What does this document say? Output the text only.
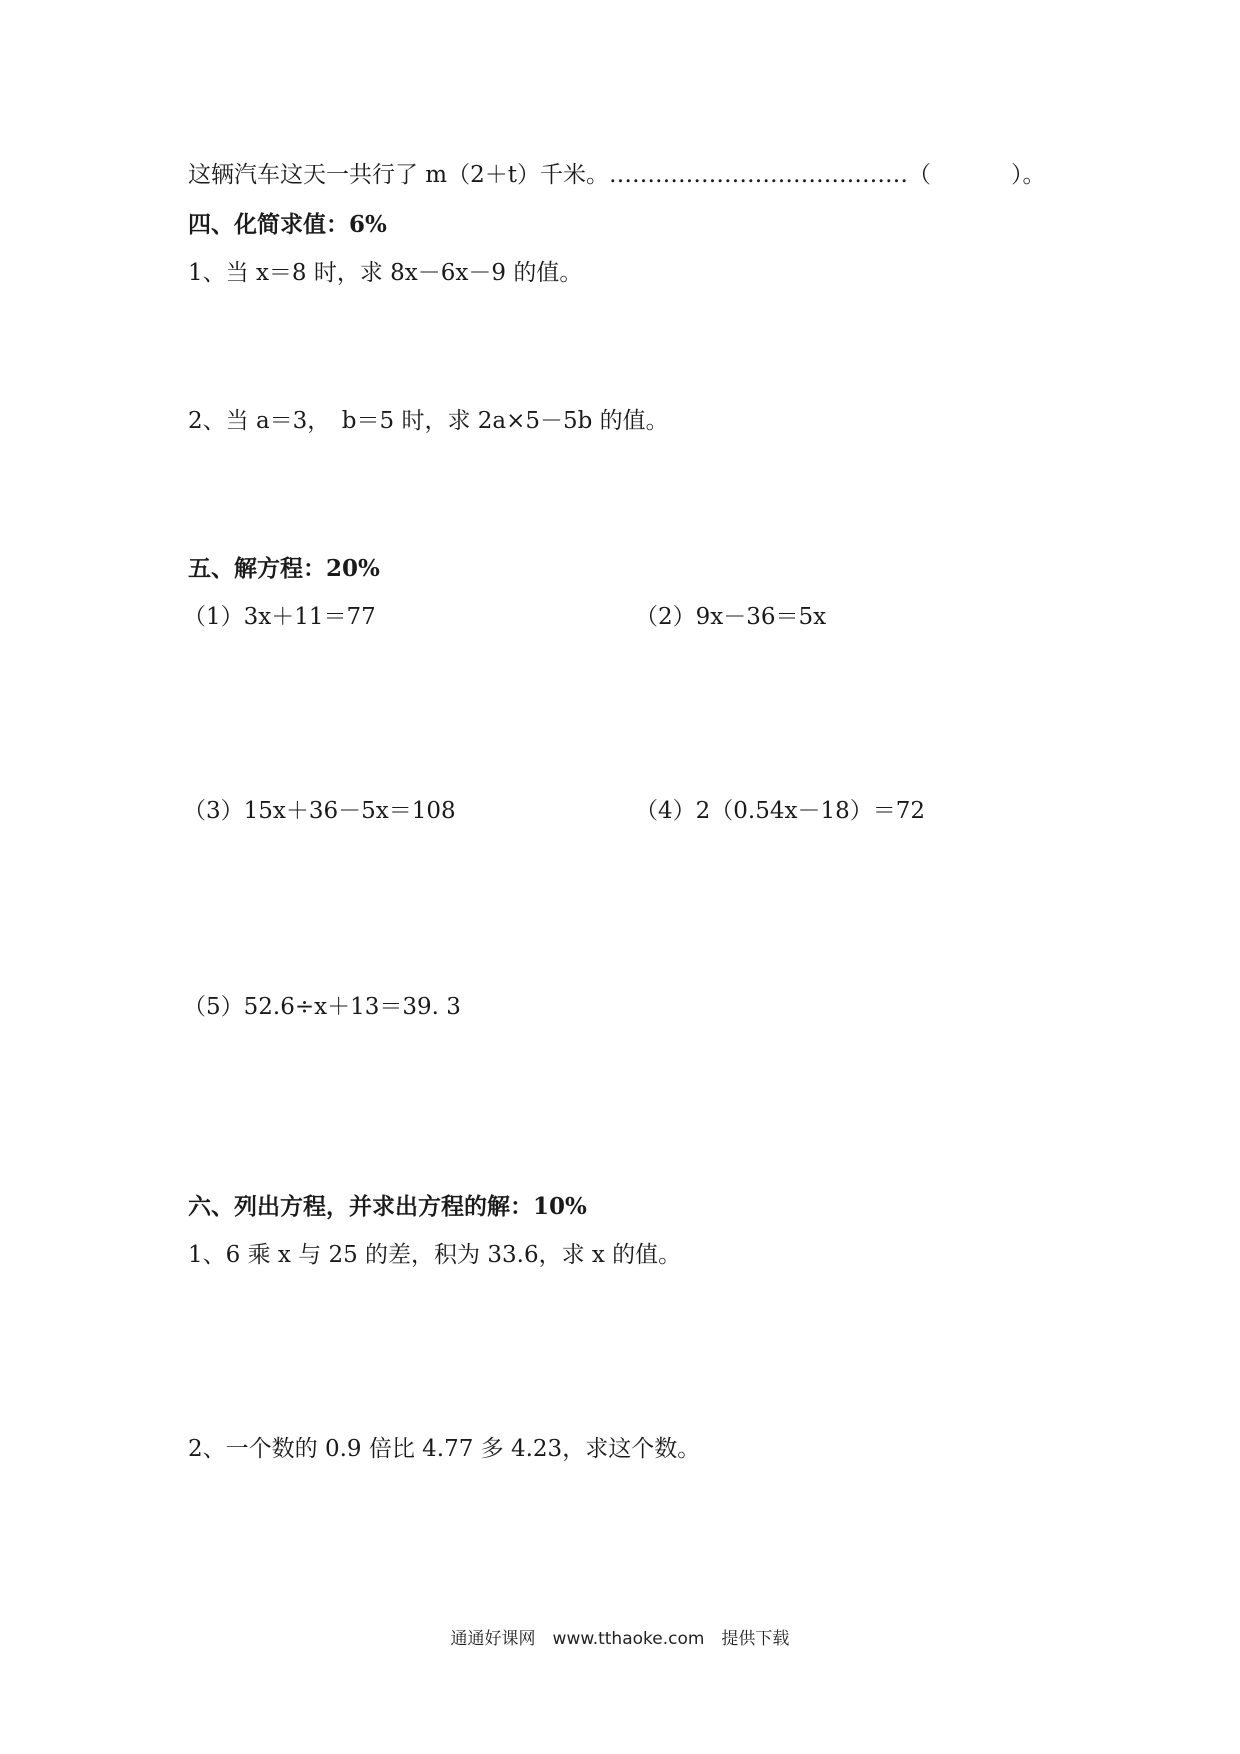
这辆汽车这天一共行了 m（2＋t）千米。…………………………………（	）。
四、化简求值：6%
1、当 x＝8 时，求 8x－6x－9 的值。
2、当 a＝3，　b＝5 时，求 2a×5－5b 的值。
五、解方程：20%
（1）3x＋11＝77	（2）9x－36＝5x
（3）15x＋36－5x＝108	（4）2（0.54x－18）＝72
（5）52.6÷x＋13＝39. 3
六、列出方程，并求出方程的解：10%
1、6 乘 x 与 25 的差，积为 33.6，求 x 的值。
2、一个数的 0.9 倍比 4.77 多 4.23，求这个数。
通通好课网　www.tthaoke.com　提供下载
